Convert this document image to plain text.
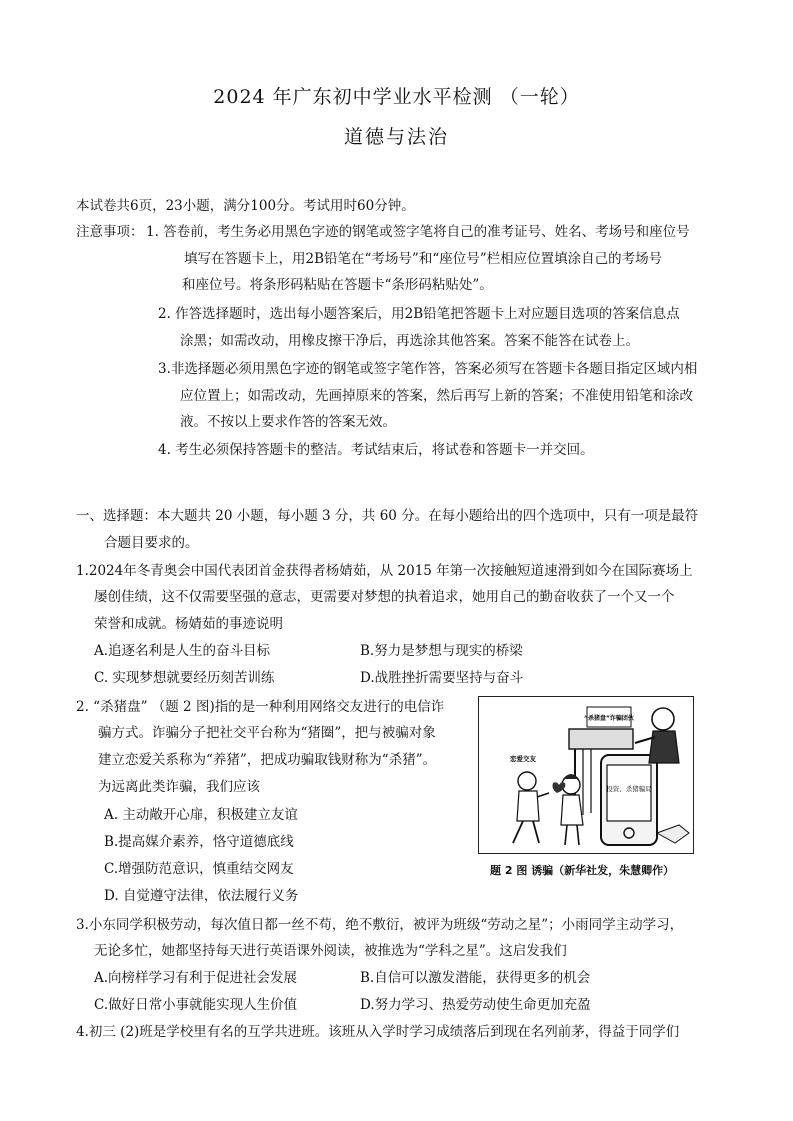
2024 年广东初中学业水平检测 （一轮）
道德与法治
本试卷共6页，23小题，满分100分。考试用时60分钟。
注意事项： 1. 答卷前，考生务必用黑色字迹的钢笔或签字笔将自己的准考证号、姓名、考场号和座位号
填写在答题卡上，用2B铅笔在“考场号”和“座位号”栏相应位置填涂自己的考场号
和座位号。将条形码粘贴在答题卡“条形码粘贴处”。
2. 作答选择题时，选出每小题答案后，用2B铅笔把答题卡上对应题目选项的答案信息点
涂黑；如需改动，用橡皮擦干净后，再选涂其他答案。答案不能答在试卷上。
3.非选择题必须用黑色字迹的钢笔或签字笔作答，答案必须写在答题卡各题目指定区域内相
应位置上；如需改动，先画掉原来的答案，然后再写上新的答案；不准使用铅笔和涂改
液。不按以上要求作答的答案无效。
4. 考生必须保持答题卡的整洁。考试结束后，将试卷和答题卡一并交回。
一、选择题：本大题共 20 小题，每小题 3 分，共 60 分。在每小题给出的四个选项中，只有一项是最符
合题目要求的。
1.2024年冬青奥会中国代表团首金获得者杨婧茹，从 2015 年第一次接触短道速滑到如今在国际赛场上
屡创佳绩，这不仅需要坚强的意志，更需要对梦想的执着追求，她用自己的勤奋收获了一个又一个
荣誉和成就。杨婧茹的事迹说明
A.追逐名利是人生的奋斗目标	B.努力是梦想与现实的桥梁
C. 实现梦想就要经历刻苦训练	D.战胜挫折需要坚持与奋斗
2. “杀猪盘” （题 2 图)指的是一种利用网络交友进行的电信诈
骗方式。诈骗分子把社交平台称为“猪圈”，把与被骗对象
建立恋爱关系称为“养猪”，把成功骗取钱财称为“杀猪”。
为远离此类诈骗，我们应该
A. 主动敞开心扉，积极建立友谊
B.提高媒介素养，恪守道德底线
C.增强防范意识，慎重结交网友
D. 自觉遵守法律，依法履行义务
投资、杀猪骗局
“杀猪盘”诈骗团伙
恋爱交友
题 2 图 诱骗（新华社发，朱慧卿作）
3.小东同学积极劳动，每次值日都一丝不苟，绝不敷衍，被评为班级“劳动之星”；小雨同学主动学习，
无论多忙，她都坚持每天进行英语课外阅读，被推选为“学科之星”。这启发我们
A.向榜样学习有利于促进社会发展	B.自信可以激发潜能，获得更多的机会
C.做好日常小事就能实现人生价值	D.努力学习、热爱劳动使生命更加充盈
4.初三 (2)班是学校里有名的互学共进班。该班从入学时学习成绩落后到现在名列前茅，得益于同学们
